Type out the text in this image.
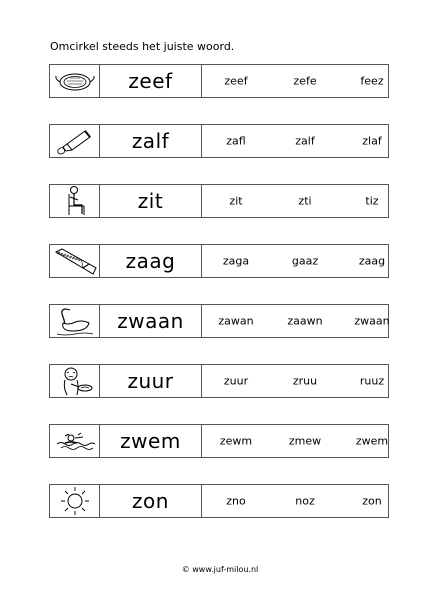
Omcirkel steeds het juiste woord.
zeef	zeef	zefe	feez
zalf	zafl	zalf	zlaf
zit	zit	zti	tiz
zaag	zaga	gaaz	zaag
zwaan	zawan	zaawn	zwaan
zuur	zuur	zruu	ruuz
zwem	zewm	zmew	zwem
zon	zno	noz	zon
© www.juf-milou.nl
